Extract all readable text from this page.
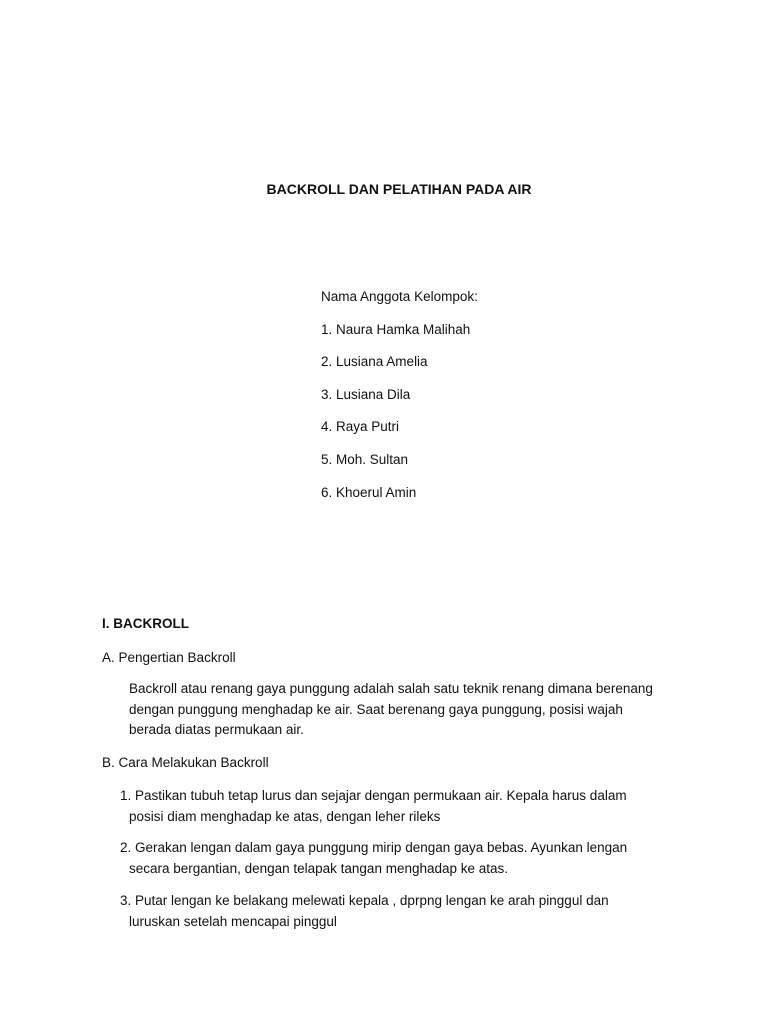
BACKROLL DAN PELATIHAN PADA AIR
Nama Anggota Kelompok:
1. Naura Hamka Malihah
2. Lusiana Amelia
3. Lusiana Dila
4. Raya Putri
5. Moh. Sultan
6. Khoerul Amin
I. BACKROLL
A. Pengertian Backroll
Backroll atau renang gaya punggung adalah salah satu teknik renang dimana berenang
dengan punggung menghadap ke air. Saat berenang gaya punggung, posisi wajah
berada diatas permukaan air.
B. Cara Melakukan Backroll
1. Pastikan tubuh tetap lurus dan sejajar dengan permukaan air. Kepala harus dalam
posisi diam menghadap ke atas, dengan leher rileks
2. Gerakan lengan dalam gaya punggung mirip dengan gaya bebas. Ayunkan lengan
secara bergantian, dengan telapak tangan menghadap ke atas.
3. Putar lengan ke belakang melewati kepala , dprpng lengan ke arah pinggul dan
luruskan setelah mencapai pinggul
